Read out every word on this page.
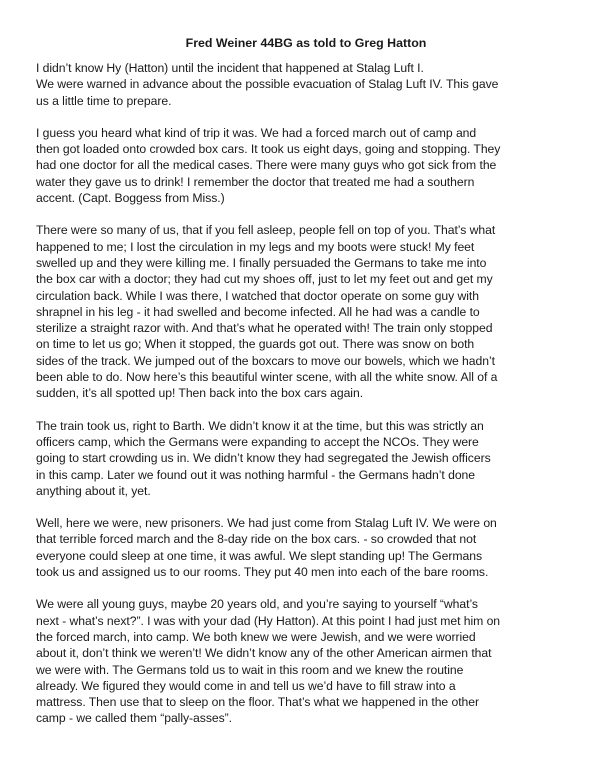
Fred Weiner 44BG as told to Greg Hatton
I didn’t know Hy (Hatton) until the incident that happened at Stalag Luft I.
We were warned in advance about the possible evacuation of Stalag Luft IV. This gave
us a little time to prepare.
I guess you heard what kind of trip it was. We had a forced march out of camp and
then got loaded onto crowded box cars. It took us eight days, going and stopping. They
had one doctor for all the medical cases. There were many guys who got sick from the
water they gave us to drink! I remember the doctor that treated me had a southern
accent. (Capt. Boggess from Miss.)
There were so many of us, that if you fell asleep, people fell on top of you. That’s what
happened to me; I lost the circulation in my legs and my boots were stuck! My feet
swelled up and they were killing me. I finally persuaded the Germans to take me into
the box car with a doctor; they had cut my shoes off, just to let my feet out and get my
circulation back. While I was there, I watched that doctor operate on some guy with
shrapnel in his leg - it had swelled and become infected. All he had was a candle to
sterilize a straight razor with. And that’s what he operated with! The train only stopped
on time to let us go; When it stopped, the guards got out. There was snow on both
sides of the track. We jumped out of the boxcars to move our bowels, which we hadn’t
been able to do. Now here’s this beautiful winter scene, with all the white snow. All of a
sudden, it’s all spotted up! Then back into the box cars again.
The train took us, right to Barth. We didn’t know it at the time, but this was strictly an
officers camp, which the Germans were expanding to accept the NCOs. They were
going to start crowding us in. We didn’t know they had segregated the Jewish officers
in this camp. Later we found out it was nothing harmful - the Germans hadn’t done
anything about it, yet.
Well, here we were, new prisoners. We had just come from Stalag Luft IV. We were on
that terrible forced march and the 8-day ride on the box cars. - so crowded that not
everyone could sleep at one time, it was awful. We slept standing up! The Germans
took us and assigned us to our rooms. They put 40 men into each of the bare rooms.
We were all young guys, maybe 20 years old, and you’re saying to yourself “what’s
next - what’s next?”. I was with your dad (Hy Hatton). At this point I had just met him on
the forced march, into camp. We both knew we were Jewish, and we were worried
about it, don’t think we weren’t! We didn’t know any of the other American airmen that
we were with. The Germans told us to wait in this room and we knew the routine
already. We figured they would come in and tell us we’d have to fill straw into a
mattress. Then use that to sleep on the floor. That’s what we happened in the other
camp - we called them “pally-asses”.
